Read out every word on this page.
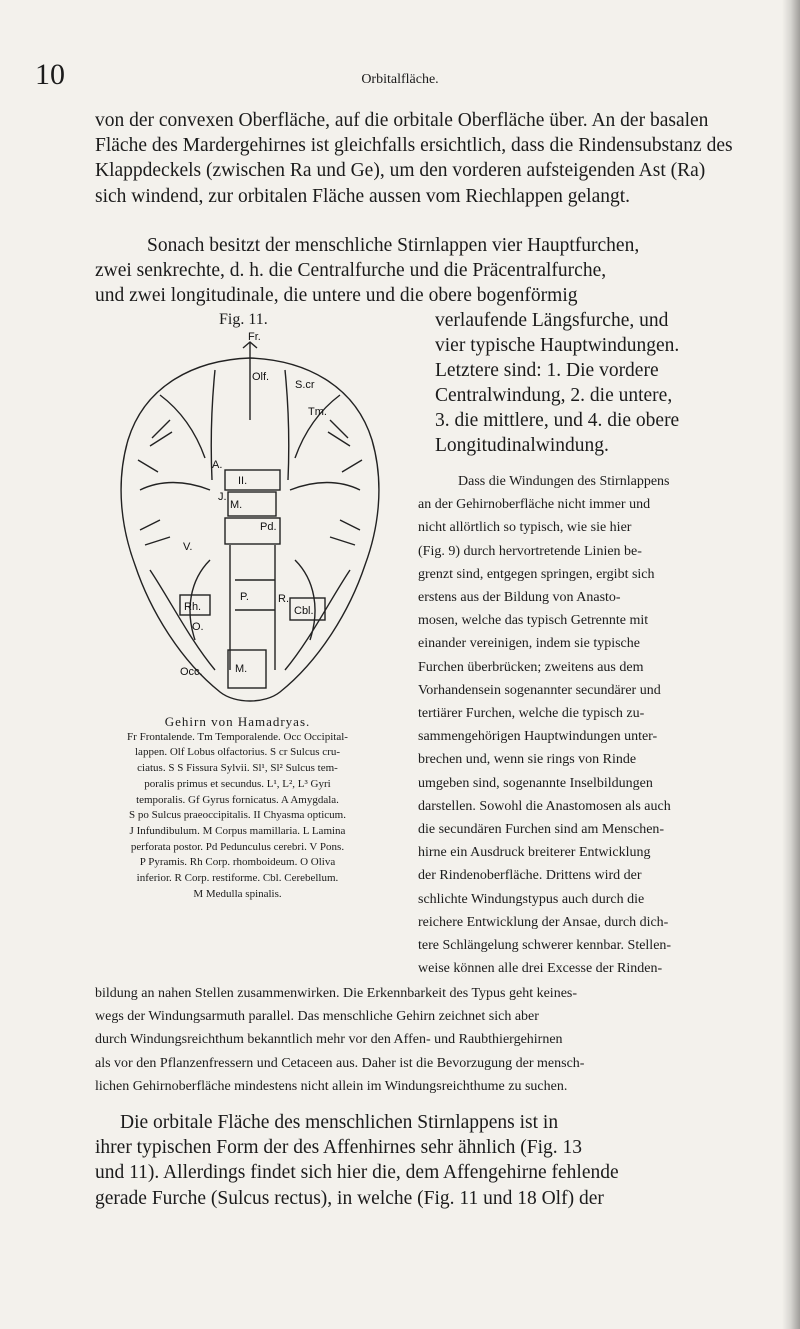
10	Orbitalfläche.

von der convexen Oberfläche, auf die orbitale Oberfläche über. An der basalen Fläche des Mardergehirnes ist gleichfalls ersichtlich, dass die Rindensubstanz des Klappdeckels (zwischen Ra und Ge), um den vorderen aufsteigenden Ast (Ra) sich windend, zur orbitalen Fläche aussen vom Riechlappen gelangt.

Sonach besitzt der menschliche Stirnlappen vier Hauptfurchen,
zwei senkrechte, d. h. die Centralfurche und die Präcentralfurche,
und zwei longitudinale, die untere und die obere bogenförmig
verlaufende Längsfurche, und
vier typische Hauptwindungen.
Letztere sind: 1. Die vordere
Centralwindung, 2. die untere,
3. die mittlere, und 4. die obere
Longitudinalwindung.
Fig. 11.
Fr.
Olf.
S.cr
Tm.
A.
II.
J.
M.
Pd.
V.
Rh.
O.
P.	R.
Cbl.
Occ.	M.
Gehirn von Hamadryas.
Fr Frontalende. Tm Temporalende. Occ Occipital-
lappen. Olf Lobus olfactorius. S cr Sulcus cru-
ciatus. S S Fissura Sylvii. Sl¹, Sl² Sulcus tem-
poralis primus et secundus. L¹, L², L³ Gyri
temporalis. Gf Gyrus fornicatus. A Amygdala.
S po Sulcus praeoccipitalis. II Chyasma opticum.
J Infundibulum. M Corpus mamillaria. L Lamina
perforata postor. Pd Pedunculus cerebri. V Pons.
P Pyramis. Rh Corp. rhomboideum. O Oliva
inferior. R Corp. restiforme. Cbl. Cerebellum.
M Medulla spinalis.
Dass die Windungen des Stirnlappens
an der Gehirnoberfläche nicht immer und
nicht allörtlich so typisch, wie sie hier
(Fig. 9) durch hervortretende Linien be-
grenzt sind, entgegen springen, ergibt sich
erstens aus der Bildung von Anasto-
mosen, welche das typisch Getrennte mit
einander vereinigen, indem sie typische
Furchen überbrücken; zweitens aus dem
Vorhandensein sogenannter secundärer und
tertiärer Furchen, welche die typisch zu-
sammengehörigen Hauptwindungen unter-
brechen und, wenn sie rings von Rinde
umgeben sind, sogenannte Inselbildungen
darstellen. Sowohl die Anastomosen als auch
die secundären Furchen sind am Menschen-
hirne ein Ausdruck breiterer Entwicklung
der Rindenoberfläche. Drittens wird der
schlichte Windungstypus auch durch die
reichere Entwicklung der Ansae, durch dich-
tere Schlängelung schwerer kennbar. Stellen-
weise können alle drei Excesse der Rinden-
bildung an nahen Stellen zusammenwirken. Die Erkennbarkeit des Typus geht keines-
wegs der Windungsarmuth parallel. Das menschliche Gehirn zeichnet sich aber
durch Windungsreichthum bekanntlich mehr vor den Affen- und Raubthiergehirnen
als vor den Pflanzenfressern und Cetaceen aus. Daher ist die Bevorzugung der mensch-
lichen Gehirnoberfläche mindestens nicht allein im Windungsreichthume zu suchen.
Die orbitale Fläche des menschlichen Stirnlappens ist in
ihrer typischen Form der des Affenhirnes sehr ähnlich (Fig. 13
und 11). Allerdings findet sich hier die, dem Affengehirne fehlende
gerade Furche (Sulcus rectus), in welche (Fig. 11 und 18 Olf) der
